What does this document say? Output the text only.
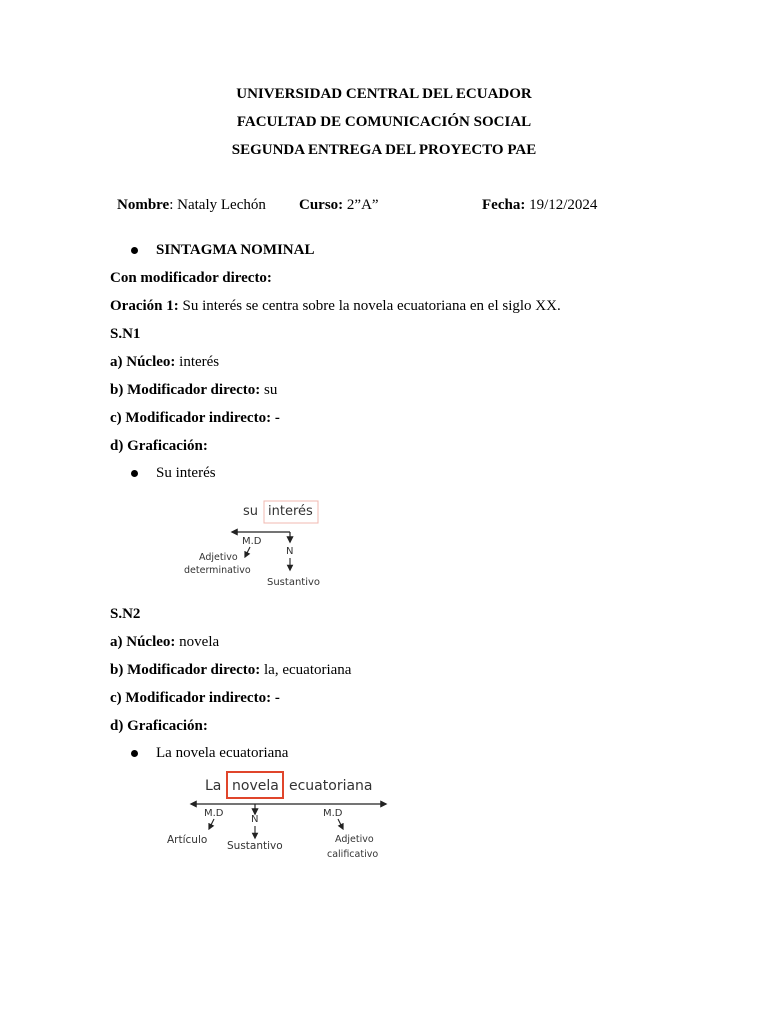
UNIVERSIDAD CENTRAL DEL ECUADOR
FACULTAD DE COMUNICACIÓN SOCIAL
SEGUNDA ENTREGA DEL PROYECTO PAE
Nombre: Nataly Lechón Curso: 2”A”	Fecha: 19/12/2024
SINTAGMA NOMINAL
Con modificador directo:
Oración 1: Su interés se centra sobre la novela ecuatoriana en el siglo XX.
S.N1
a) Núcleo: interés
b) Modificador directo: su
c) Modificador indirecto: -
d) Graficación:
Su interés
su interés
M.D
N
Adjetivo
determinativo
Sustantivo
S.N2
a) Núcleo: novela
b) Modificador directo: la, ecuatoriana
c) Modificador indirecto: -
d) Graficación:
La novela ecuatoriana
La novela ecuatoriana
M.D
N
M.D
Artículo Sustantivo
Adjetivo
calificativo
